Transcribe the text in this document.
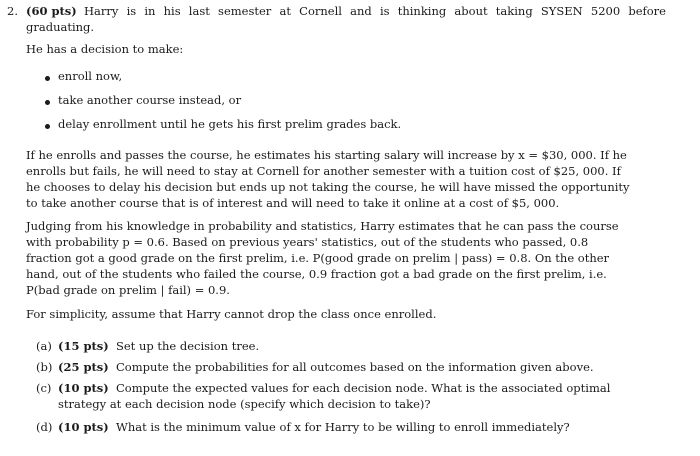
2. (60 pts) Harry is in his last semester at Cornell and is thinking about taking SYSEN 5200 before graduating.
He has a decision to make:
enroll now,
take another course instead, or
delay enrollment until he gets his first prelim grades back.
If he enrolls and passes the course, he estimates his starting salary will increase by x = $30, 000. If he
enrolls but fails, he will need to stay at Cornell for another semester with a tuition cost of $25, 000. If
he chooses to delay his decision but ends up not taking the course, he will have missed the opportunity
to take another course that is of interest and will need to take it online at a cost of $5, 000.
Judging from his knowledge in probability and statistics, Harry estimates that he can pass the course
with probability p = 0.6. Based on previous years' statistics, out of the students who passed, 0.8
fraction got a good grade on the first prelim, i.e. P(good grade on prelim | pass) = 0.8. On the other
hand, out of the students who failed the course, 0.9 fraction got a bad grade on the first prelim, i.e.
P(bad grade on prelim | fail) = 0.9.
For simplicity, assume that Harry cannot drop the class once enrolled.
(a) (15 pts) Set up the decision tree.
(b) (25 pts) Compute the probabilities for all outcomes based on the information given above.
(c) (10 pts) Compute the expected values for each decision node. What is the associated optimal
strategy at each decision node (specify which decision to take)?
(d) (10 pts) What is the minimum value of x for Harry to be willing to enroll immediately?
